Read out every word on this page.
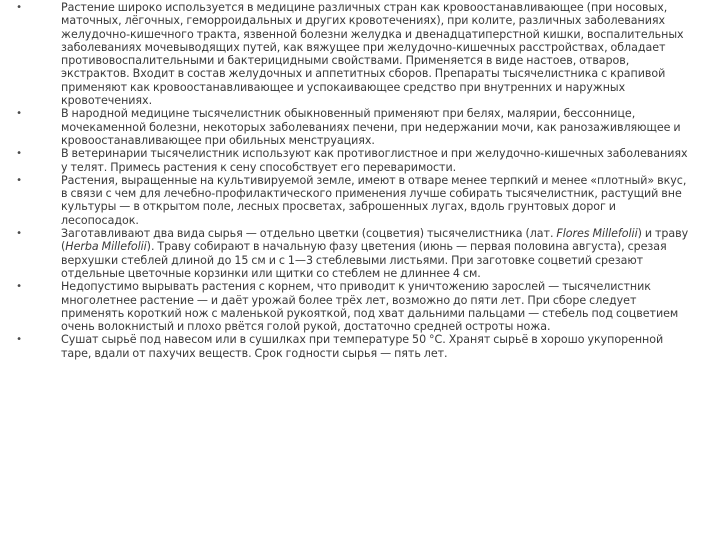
•	Растение широко используется в медицине различных стран как кровоостанавливающее (при носовых, маточных, лёгочных, геморроидальных и других кровотечениях), при колите, различных заболеваниях желудочно-кишечного тракта, язвенной болезни желудка и двенадцатиперстной кишки, воспалительных заболеваниях мочевыводящих путей, как вяжущее при желудочно-кишечных расстройствах, обладает противовоспалительными и бактерицидными свойствами. Применяется в виде настоев, отваров, экстрактов. Входит в состав желудочных и аппетитных сборов. Препараты тысячелистника с крапивой применяют как кровоостанавливающее и успокаивающее средство при внутренних и наружных кровотечениях.
•	В народной медицине тысячелистник обыкновенный применяют при белях, малярии, бессоннице, мочекаменной болезни, некоторых заболеваниях печени, при недержании мочи, как ранозаживляющее и кровоостанавливающее при обильных менструациях.
•	В ветеринарии тысячелистник используют как противоглистное и при желудочно-кишечных заболеваниях у телят. Примесь растения к сену способствует его переваримости.
•	Растения, выращенные на культивируемой земле, имеют в отваре менее терпкий и менее «плотный» вкус, в связи с чем для лечебно-профилактического применения лучше собирать тысячелистник, растущий вне культуры — в открытом поле, лесных просветах, заброшенных лугах, вдоль грунтовых дорог и лесопосадок.
•	Заготавливают два вида сырья — отдельно цветки (соцветия) тысячелистника (лат. Flores Millefolii) и траву (Herba Millefolii). Траву собирают в начальную фазу цветения (июнь — первая половина августа), срезая верхушки стеблей длиной до 15 см и с 1—3 стеблевыми листьями. При заготовке соцветий срезают отдельные цветочные корзинки или щитки со стеблем не длиннее 4 см.
•	Недопустимо вырывать растения с корнем, что приводит к уничтожению зарослей — тысячелистник многолетнее растение — и даёт урожай более трёх лет, возможно до пяти лет. При сборе следует применять короткий нож с маленькой рукояткой, под хват дальними пальцами — стебель под соцветием очень волокнистый и плохо рвётся голой рукой, достаточно средней остроты ножа.
•	Сушат сырьё под навесом или в сушилках при температуре 50 °С. Хранят сырьё в хорошо укупоренной таре, вдали от пахучих веществ. Срок годности сырья — пять лет.
